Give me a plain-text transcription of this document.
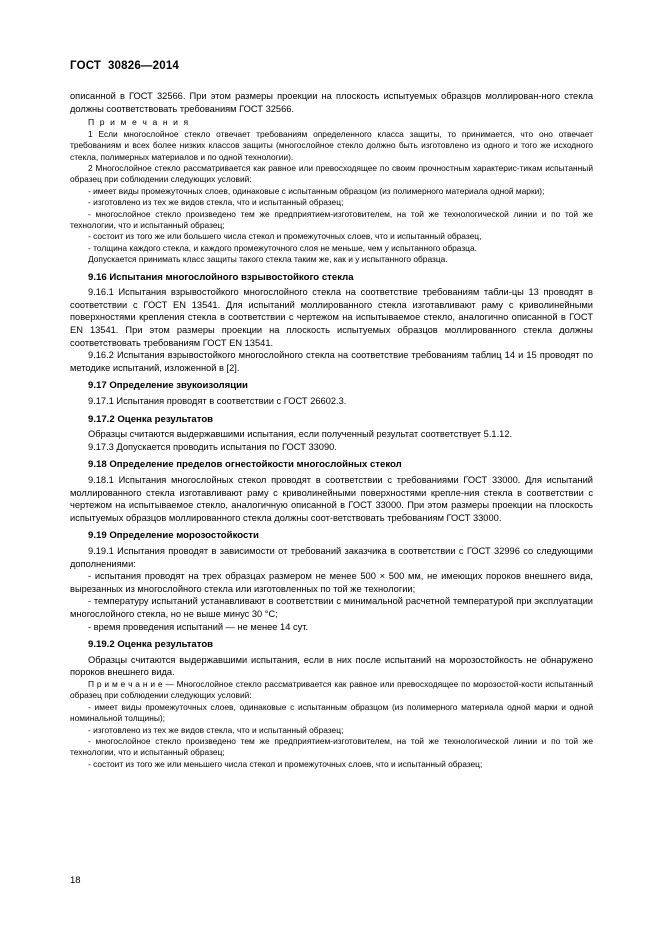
ГОСТ  30826—2014

описанной в ГОСТ 32566. При этом размеры проекции на плоскость испытуемых образцов моллирован-ного стекла должны соответствовать требованиям ГОСТ 32566.

П р и м е ч а н и я

1 Если многослойное стекло отвечает требованиям определенного класса защиты, то принимается, что оно отвечает требованиям и всех более низких классов защиты (многослойное стекло должно быть изготовлено из одного и того же исходного стекла, полимерных материалов и по одной технологии).

2 Многослойное стекло рассматривается как равное или превосходящее по своим прочностным характерис-тикам испытанный образец при соблюдении следующих условий:

- имеет виды промежуточных слоев, одинаковые с испытанным образцом (из полимерного материала одной марки);

- изготовлено из тех же видов стекла, что и испытанный образец;

- многослойное стекло произведено тем же предприятием-изготовителем, на той же технологической линии и по той же технологии, что и испытанный образец;

- состоит из того же или большего числа стекол и промежуточных слоев, что и испытанный образец,

- толщина каждого стекла, и каждого промежуточного слоя не меньше, чем у испытанного образца.

Допускается принимать класс защиты такого стекла таким же, как и у испытанного образца.

9.16 Испытания многослойного взрывостойкого стекла

9.16.1 Испытания взрывостойкого многослойного стекла на соответствие требованиям табли-цы 13 проводят в соответствии с ГОСТ EN 13541. Для испытаний моллированного стекла изготавливают раму с криволинейными поверхностями крепления стекла в соответствии с чертежом на испытываемое стекло, аналогично описанной в ГОСТ EN 13541. При этом размеры проекции на плоскость испытуемых образцов моллированного стекла должны соответствовать требованиям ГОСТ EN 13541.

9.16.2 Испытания взрывостойкого многослойного стекла на соответствие требованиям таблиц 14 и 15 проводят по методике испытаний, изложенной в [2].

9.17 Определение звукоизоляции

9.17.1 Испытания проводят в соответствии с ГОСТ 26602.3.

9.17.2 Оценка результатов

Образцы считаются выдержавшими испытания, если полученный результат соответствует 5.1.12.

9.17.3 Допускается проводить испытания по ГОСТ 33090.

9.18 Определение пределов огнестойкости многослойных стекол

9.18.1 Испытания многослойных стекол проводят в соответствии с требованиями ГОСТ 33000. Для испытаний моллированного стекла изготавливают раму с криволинейными поверхностями крепле-ния стекла в соответствии с чертежом на испытываемое стекло, аналогичную описанной в ГОСТ 33000. При этом размеры проекции на плоскость испытуемых образцов моллированного стекла должны соот-ветствовать требованиям ГОСТ 33000.

9.19 Определение морозостойкости

9.19.1 Испытания проводят в зависимости от требований заказчика в соответствии с ГОСТ 32996 со следующими дополнениями:

- испытания проводят на трех образцах размером не менее 500 × 500 мм, не имеющих пороков внешнего вида, вырезанных из многослойного стекла или изготовленных по той же технологии;

- температуру испытаний устанавливают в соответствии с минимальной расчетной температурой при эксплуатации многослойного стекла, но не выше минус 30 °C;

- время проведения испытаний — не менее 14 сут.

9.19.2 Оценка результатов

Образцы считаются выдержавшими испытания, если в них после испытаний на морозостойкость не обнаружено пороков внешнего вида.

П р и м е ч а н и е — Многослойное стекло рассматривается как равное или превосходящее по морозостой-кости испытанный образец при соблюдении следующих условий:

- имеет виды промежуточных слоев, одинаковые с испытанным образцом (из полимерного материала одной марки и одной номинальной толщины);

- изготовлено из тех же видов стекла, что и испытанный образец;

- многослойное стекло произведено тем же предприятием-изготовителем, на той же технологической линии и по той же технологии, что и испытанный образец;

- состоит из того же или меньшего числа стекол и промежуточных слоев, что и испытанный образец;

18
